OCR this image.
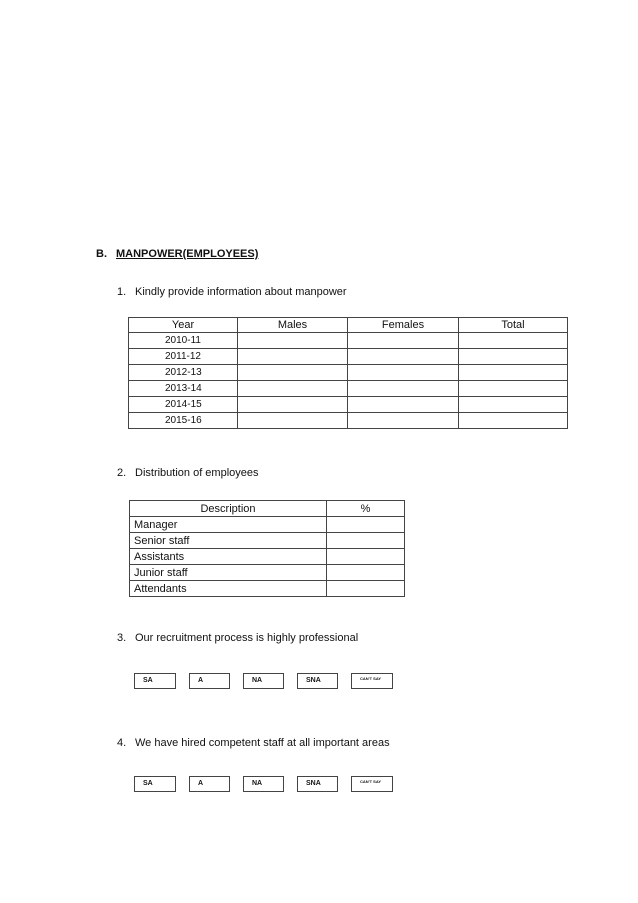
B. MANPOWER(EMPLOYEES)
1. Kindly provide information about manpower
Year	Males	Females	Total
2010-11			
2011-12			
2012-13			
2013-14			
2014-15			
2015-16			
2. Distribution of employees
Description	%
Manager	
Senior staff	
Assistants	
Junior staff	
Attendants	
3. Our recruitment process is highly professional
SA	A	NA	SNA	CAN'T SAY
4. We have hired competent staff at all important areas
SA	A	NA	SNA	CAN'T SAY
